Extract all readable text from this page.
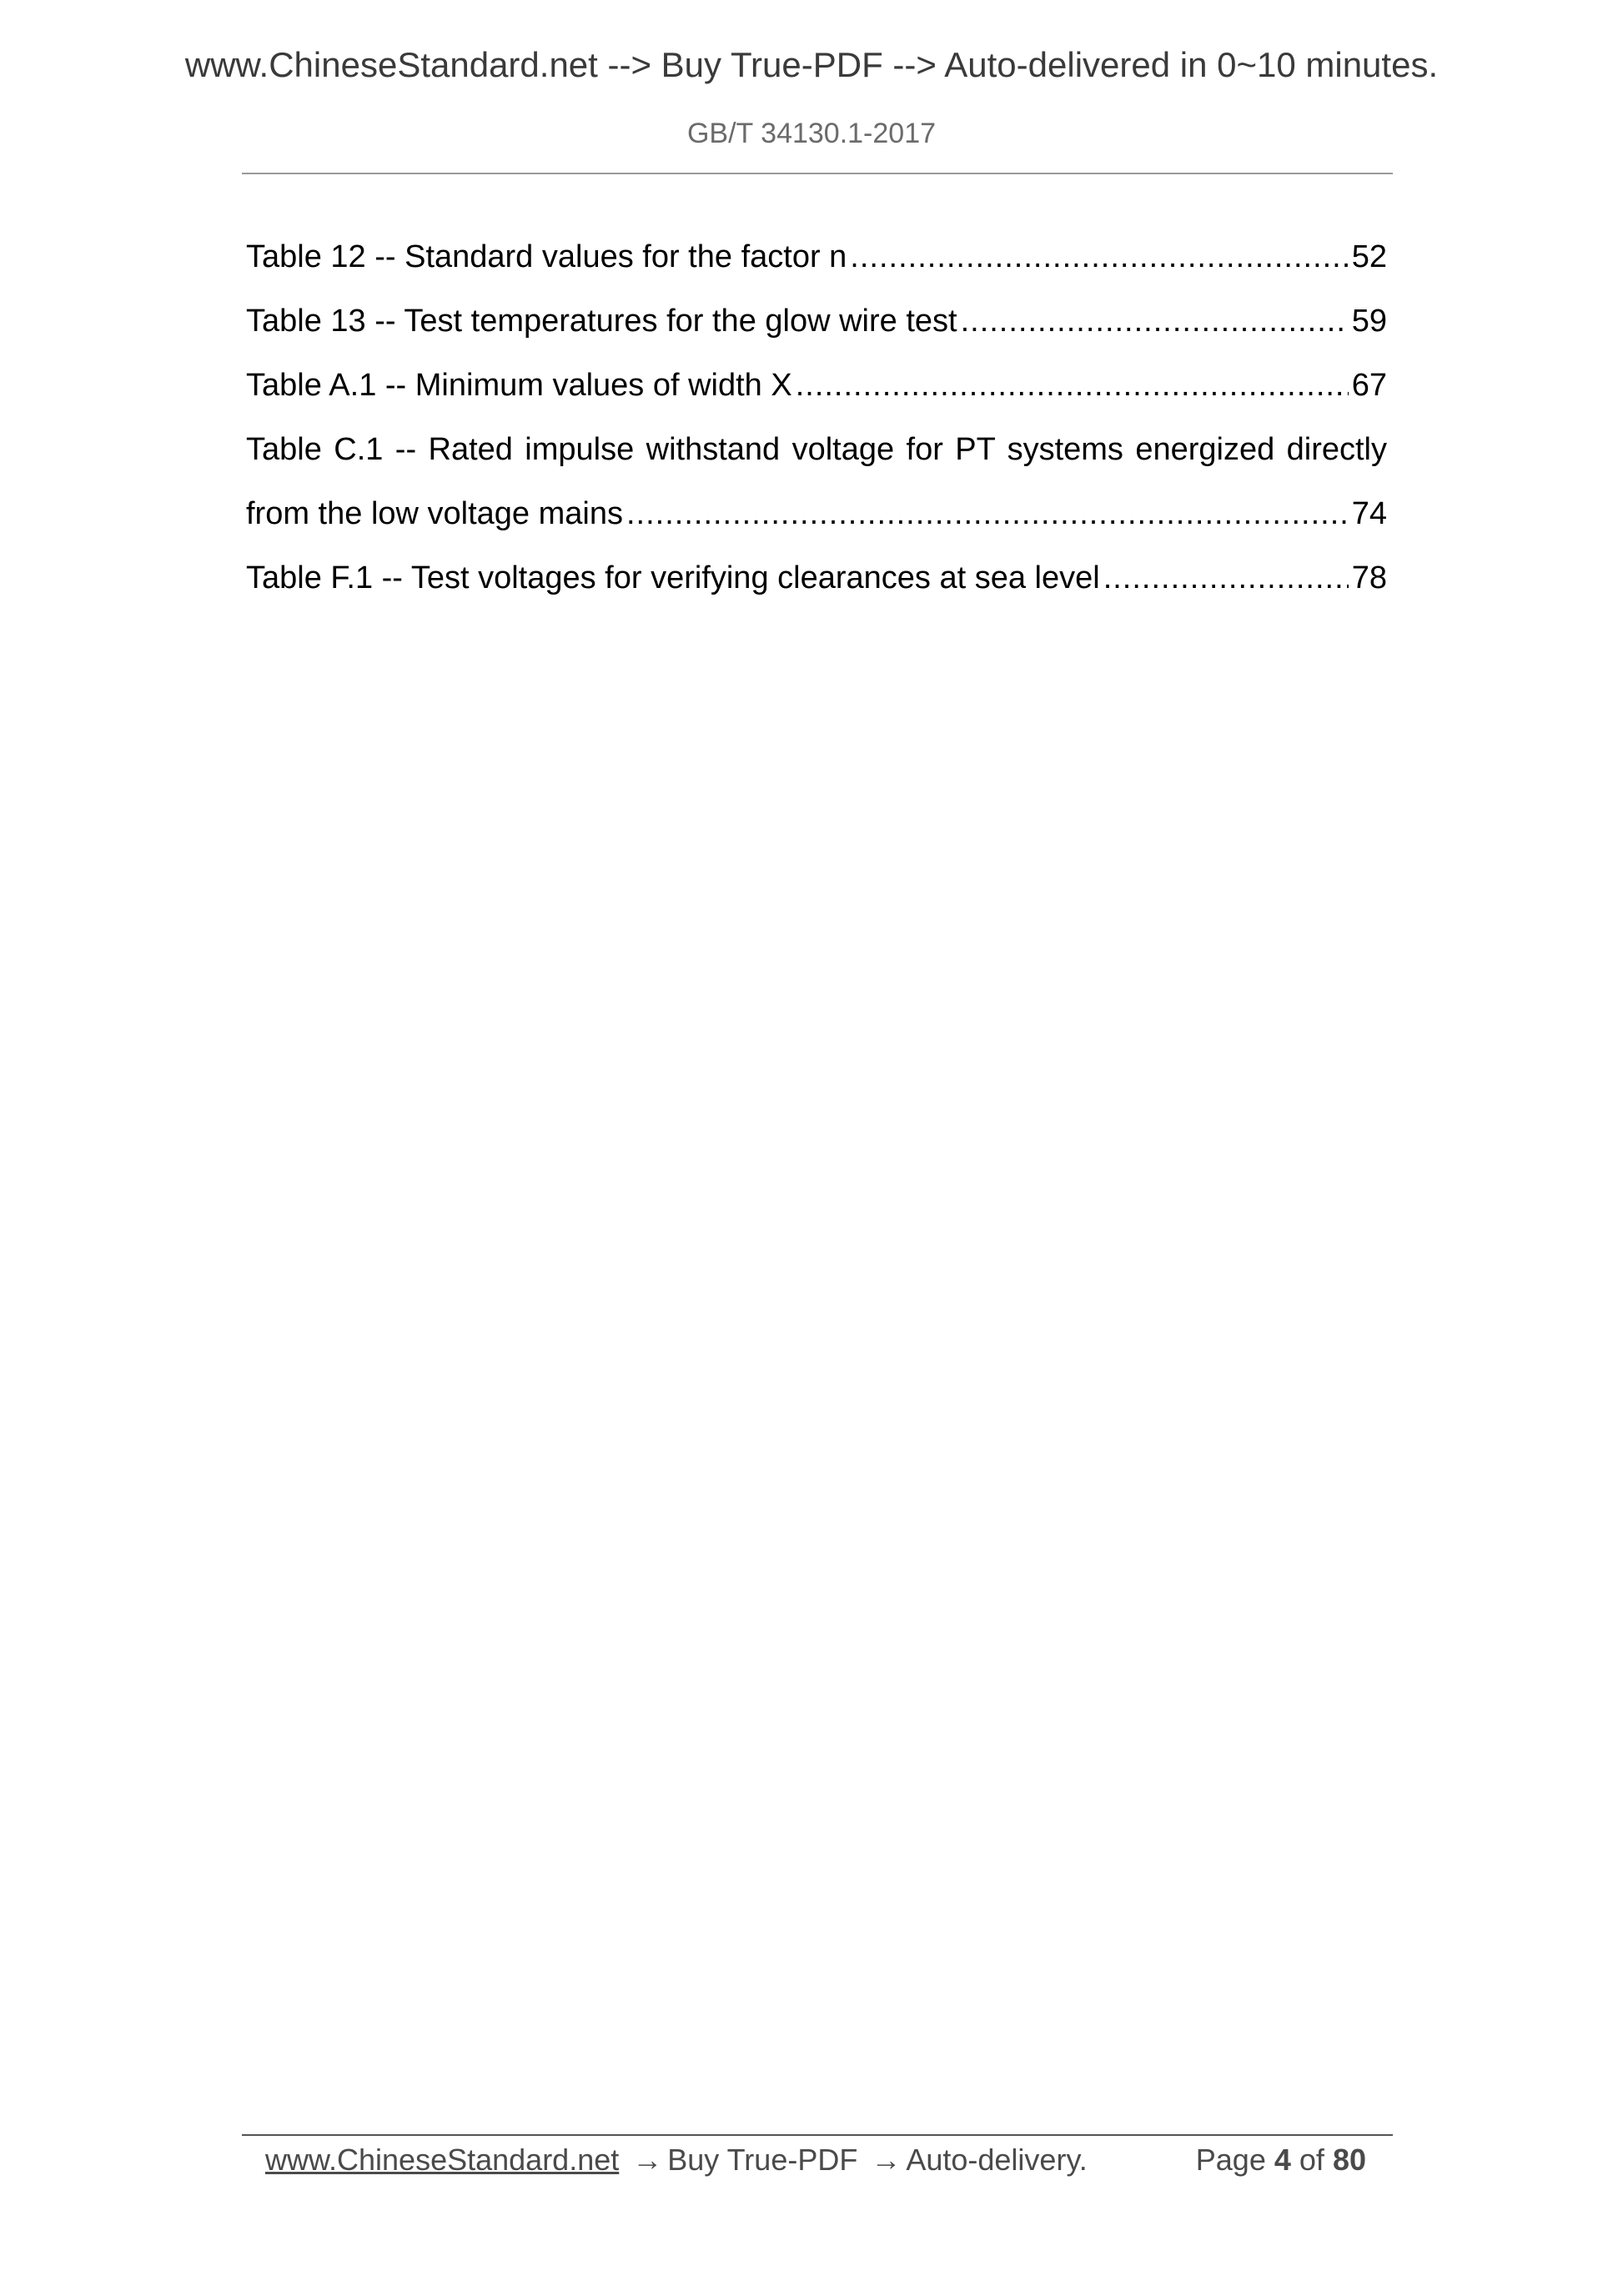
www.ChineseStandard.net --> Buy True-PDF --> Auto-delivered in 0~10 minutes.
GB/T 34130.1-2017
Table 12 -- Standard values for the factor n .....	52
Table 13 -- Test temperatures for the glow wire test .....	59
Table A.1 -- Minimum values of width X .....	67
Table C.1 -- Rated impulse withstand voltage for PT systems energized directly
from the low voltage mains .....	74
Table F.1 -- Test voltages for verifying clearances at sea level .....	78
www.ChineseStandard.net → Buy True-PDF → Auto-delivery.	Page 4 of 80
